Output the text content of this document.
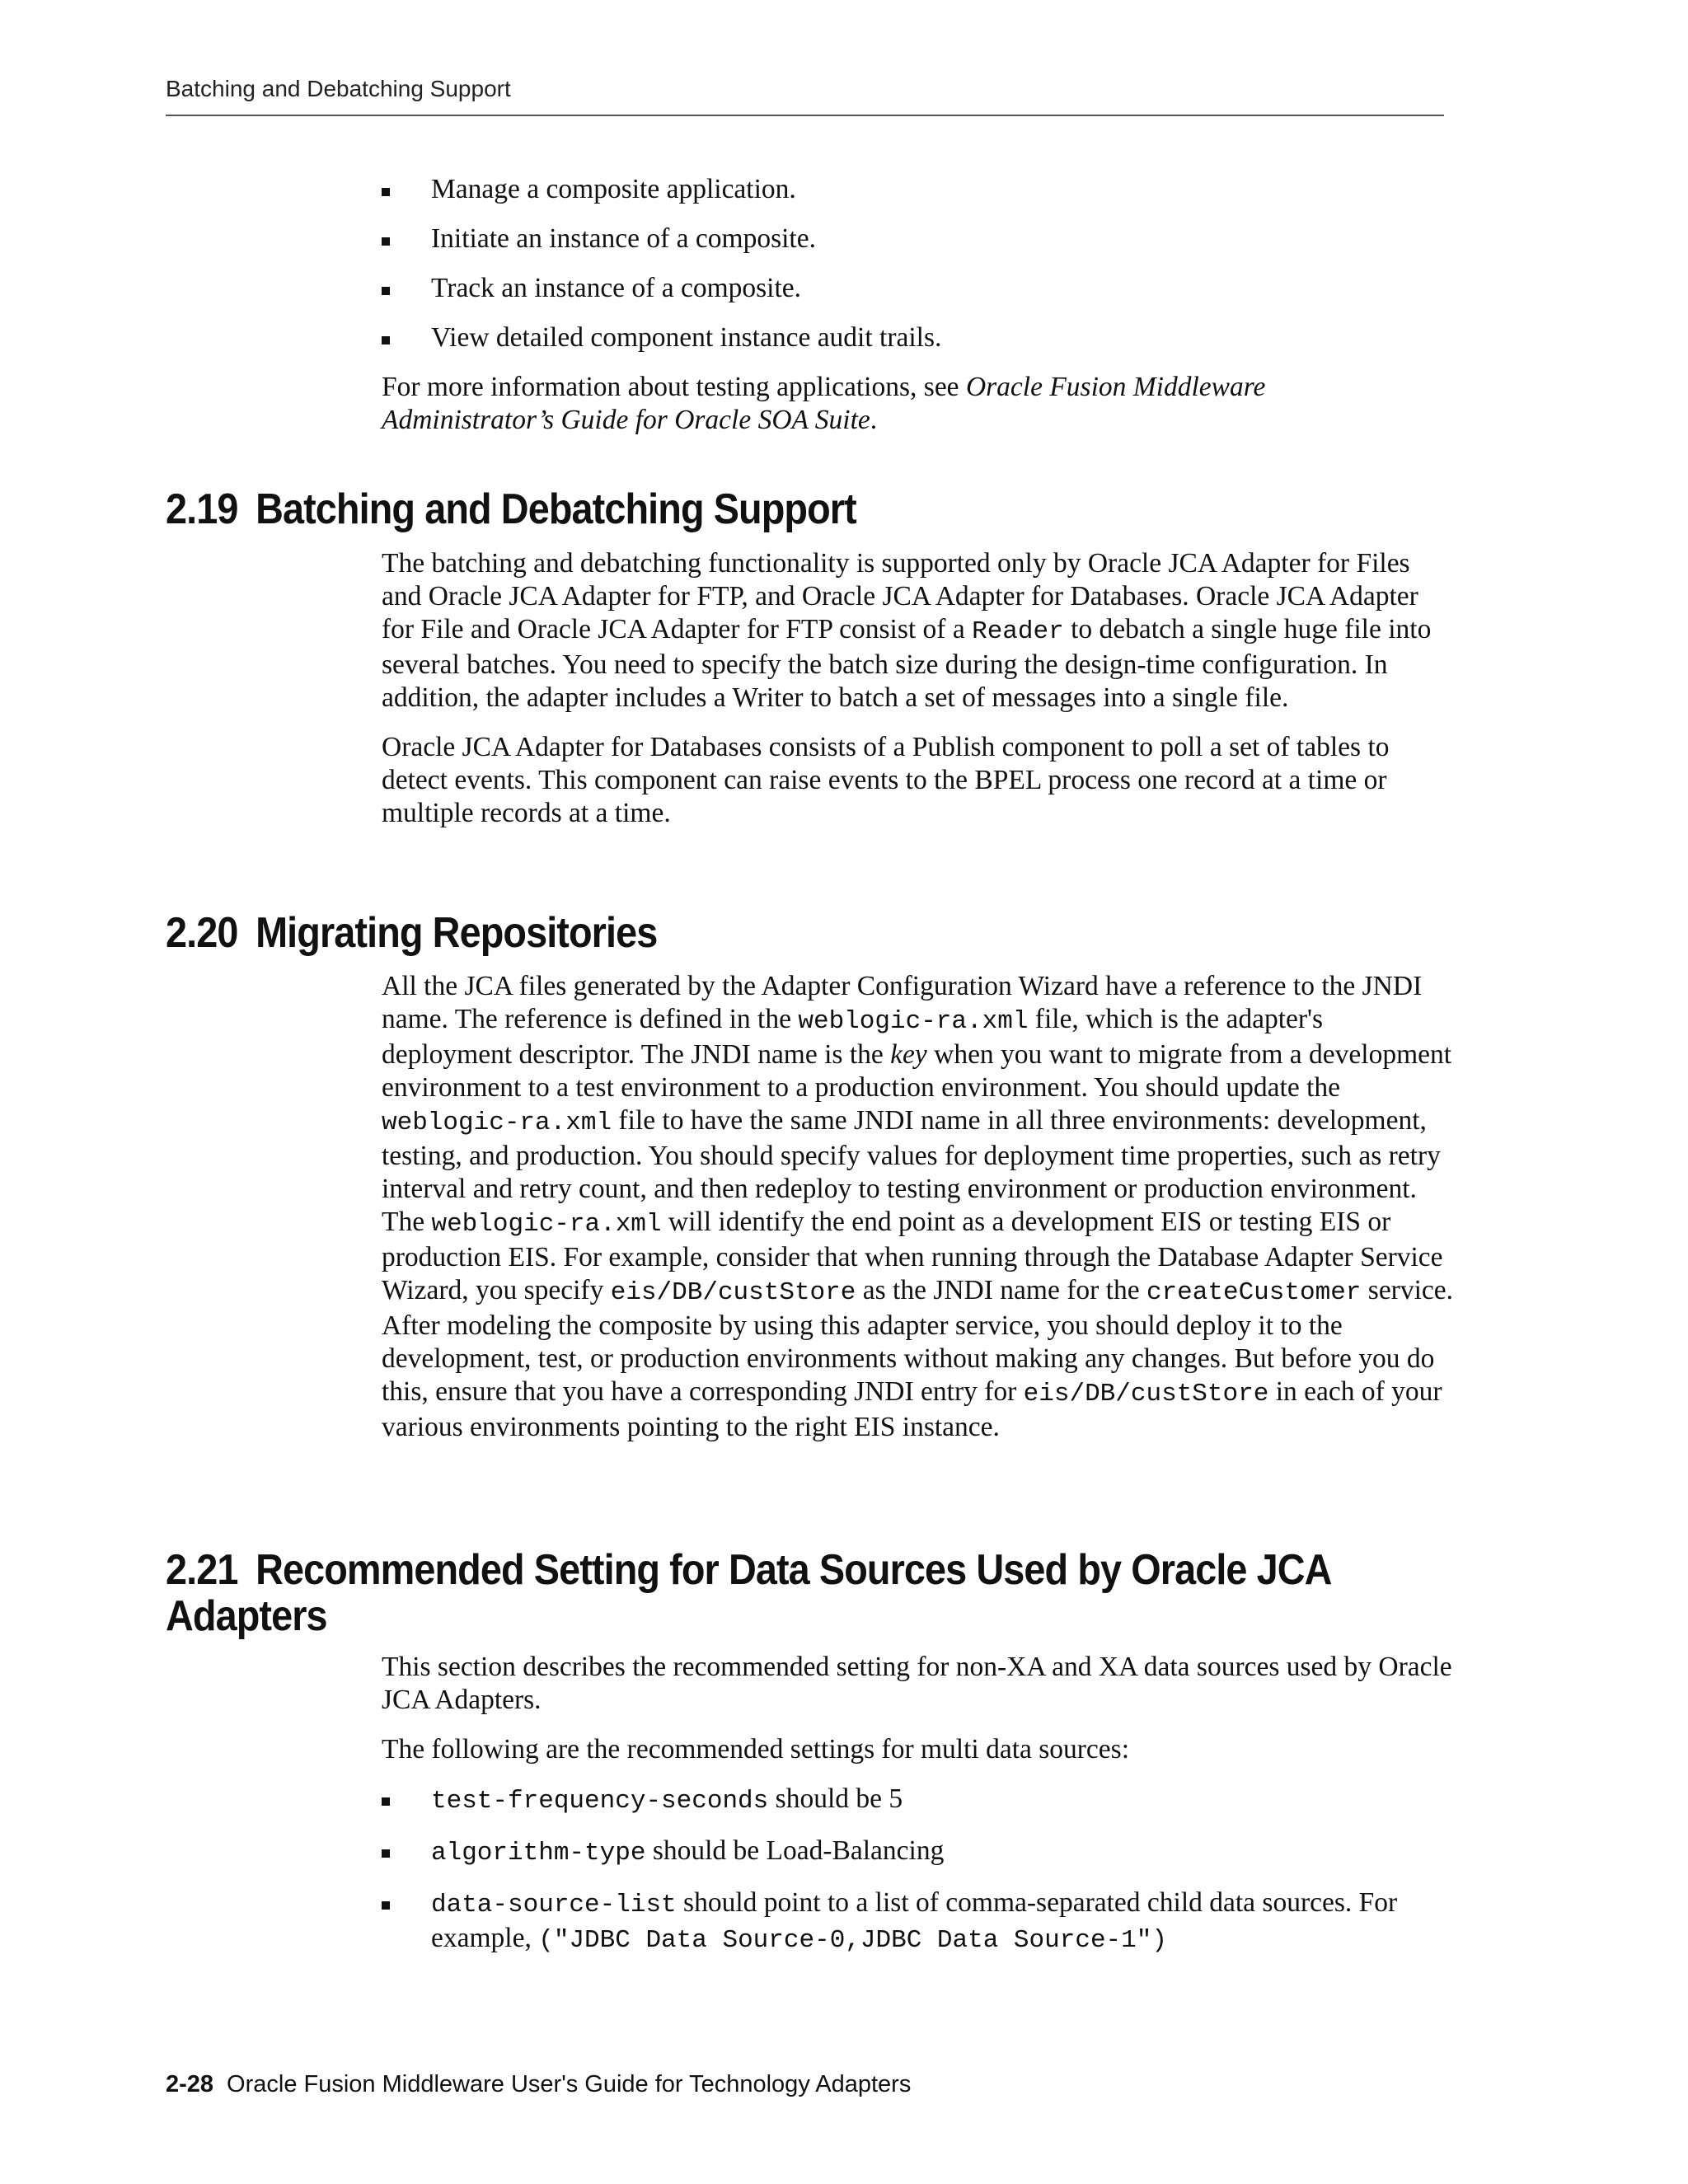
Batching and Debatching Support
Manage a composite application.
Initiate an instance of a composite.
Track an instance of a composite.
View detailed component instance audit trails.

For more information about testing applications, see Oracle Fusion Middleware Administrator’s Guide for Oracle SOA Suite.

2.19 Batching and Debatching Support

The batching and debatching functionality is supported only by Oracle JCA Adapter for Files and Oracle JCA Adapter for FTP, and Oracle JCA Adapter for Databases. Oracle JCA Adapter for File and Oracle JCA Adapter for FTP consist of a Reader to debatch a single huge file into several batches. You need to specify the batch size during the design-time configuration. In addition, the adapter includes a Writer to batch a set of messages into a single file.

Oracle JCA Adapter for Databases consists of a Publish component to poll a set of tables to detect events. This component can raise events to the BPEL process one record at a time or multiple records at a time.

2.20 Migrating Repositories

All the JCA files generated by the Adapter Configuration Wizard have a reference to the JNDI name. The reference is defined in the weblogic-ra.xml file, which is the adapter's deployment descriptor. The JNDI name is the key when you want to migrate from a development environment to a test environment to a production environment. You should update the weblogic-ra.xml file to have the same JNDI name in all three environments: development, testing, and production. You should specify values for deployment time properties, such as retry interval and retry count, and then redeploy to testing environment or production environment. The weblogic-ra.xml will identify the end point as a development EIS or testing EIS or production EIS. For example, consider that when running through the Database Adapter Service Wizard, you specify eis/DB/custStore as the JNDI name for the createCustomer service. After modeling the composite by using this adapter service, you should deploy it to the development, test, or production environments without making any changes. But before you do this, ensure that you have a corresponding JNDI entry for eis/DB/custStore in each of your various environments pointing to the right EIS instance.

2.21 Recommended Setting for Data Sources Used by Oracle JCA
Adapters

This section describes the recommended setting for non-XA and XA data sources used by Oracle JCA Adapters.

The following are the recommended settings for multi data sources:

test-frequency-seconds should be 5
algorithm-type should be Load-Balancing
data-source-list should point to a list of comma-separated child data sources. For example, ("JDBC Data Source-0,JDBC Data Source-1")
2-28 Oracle Fusion Middleware User's Guide for Technology Adapters
